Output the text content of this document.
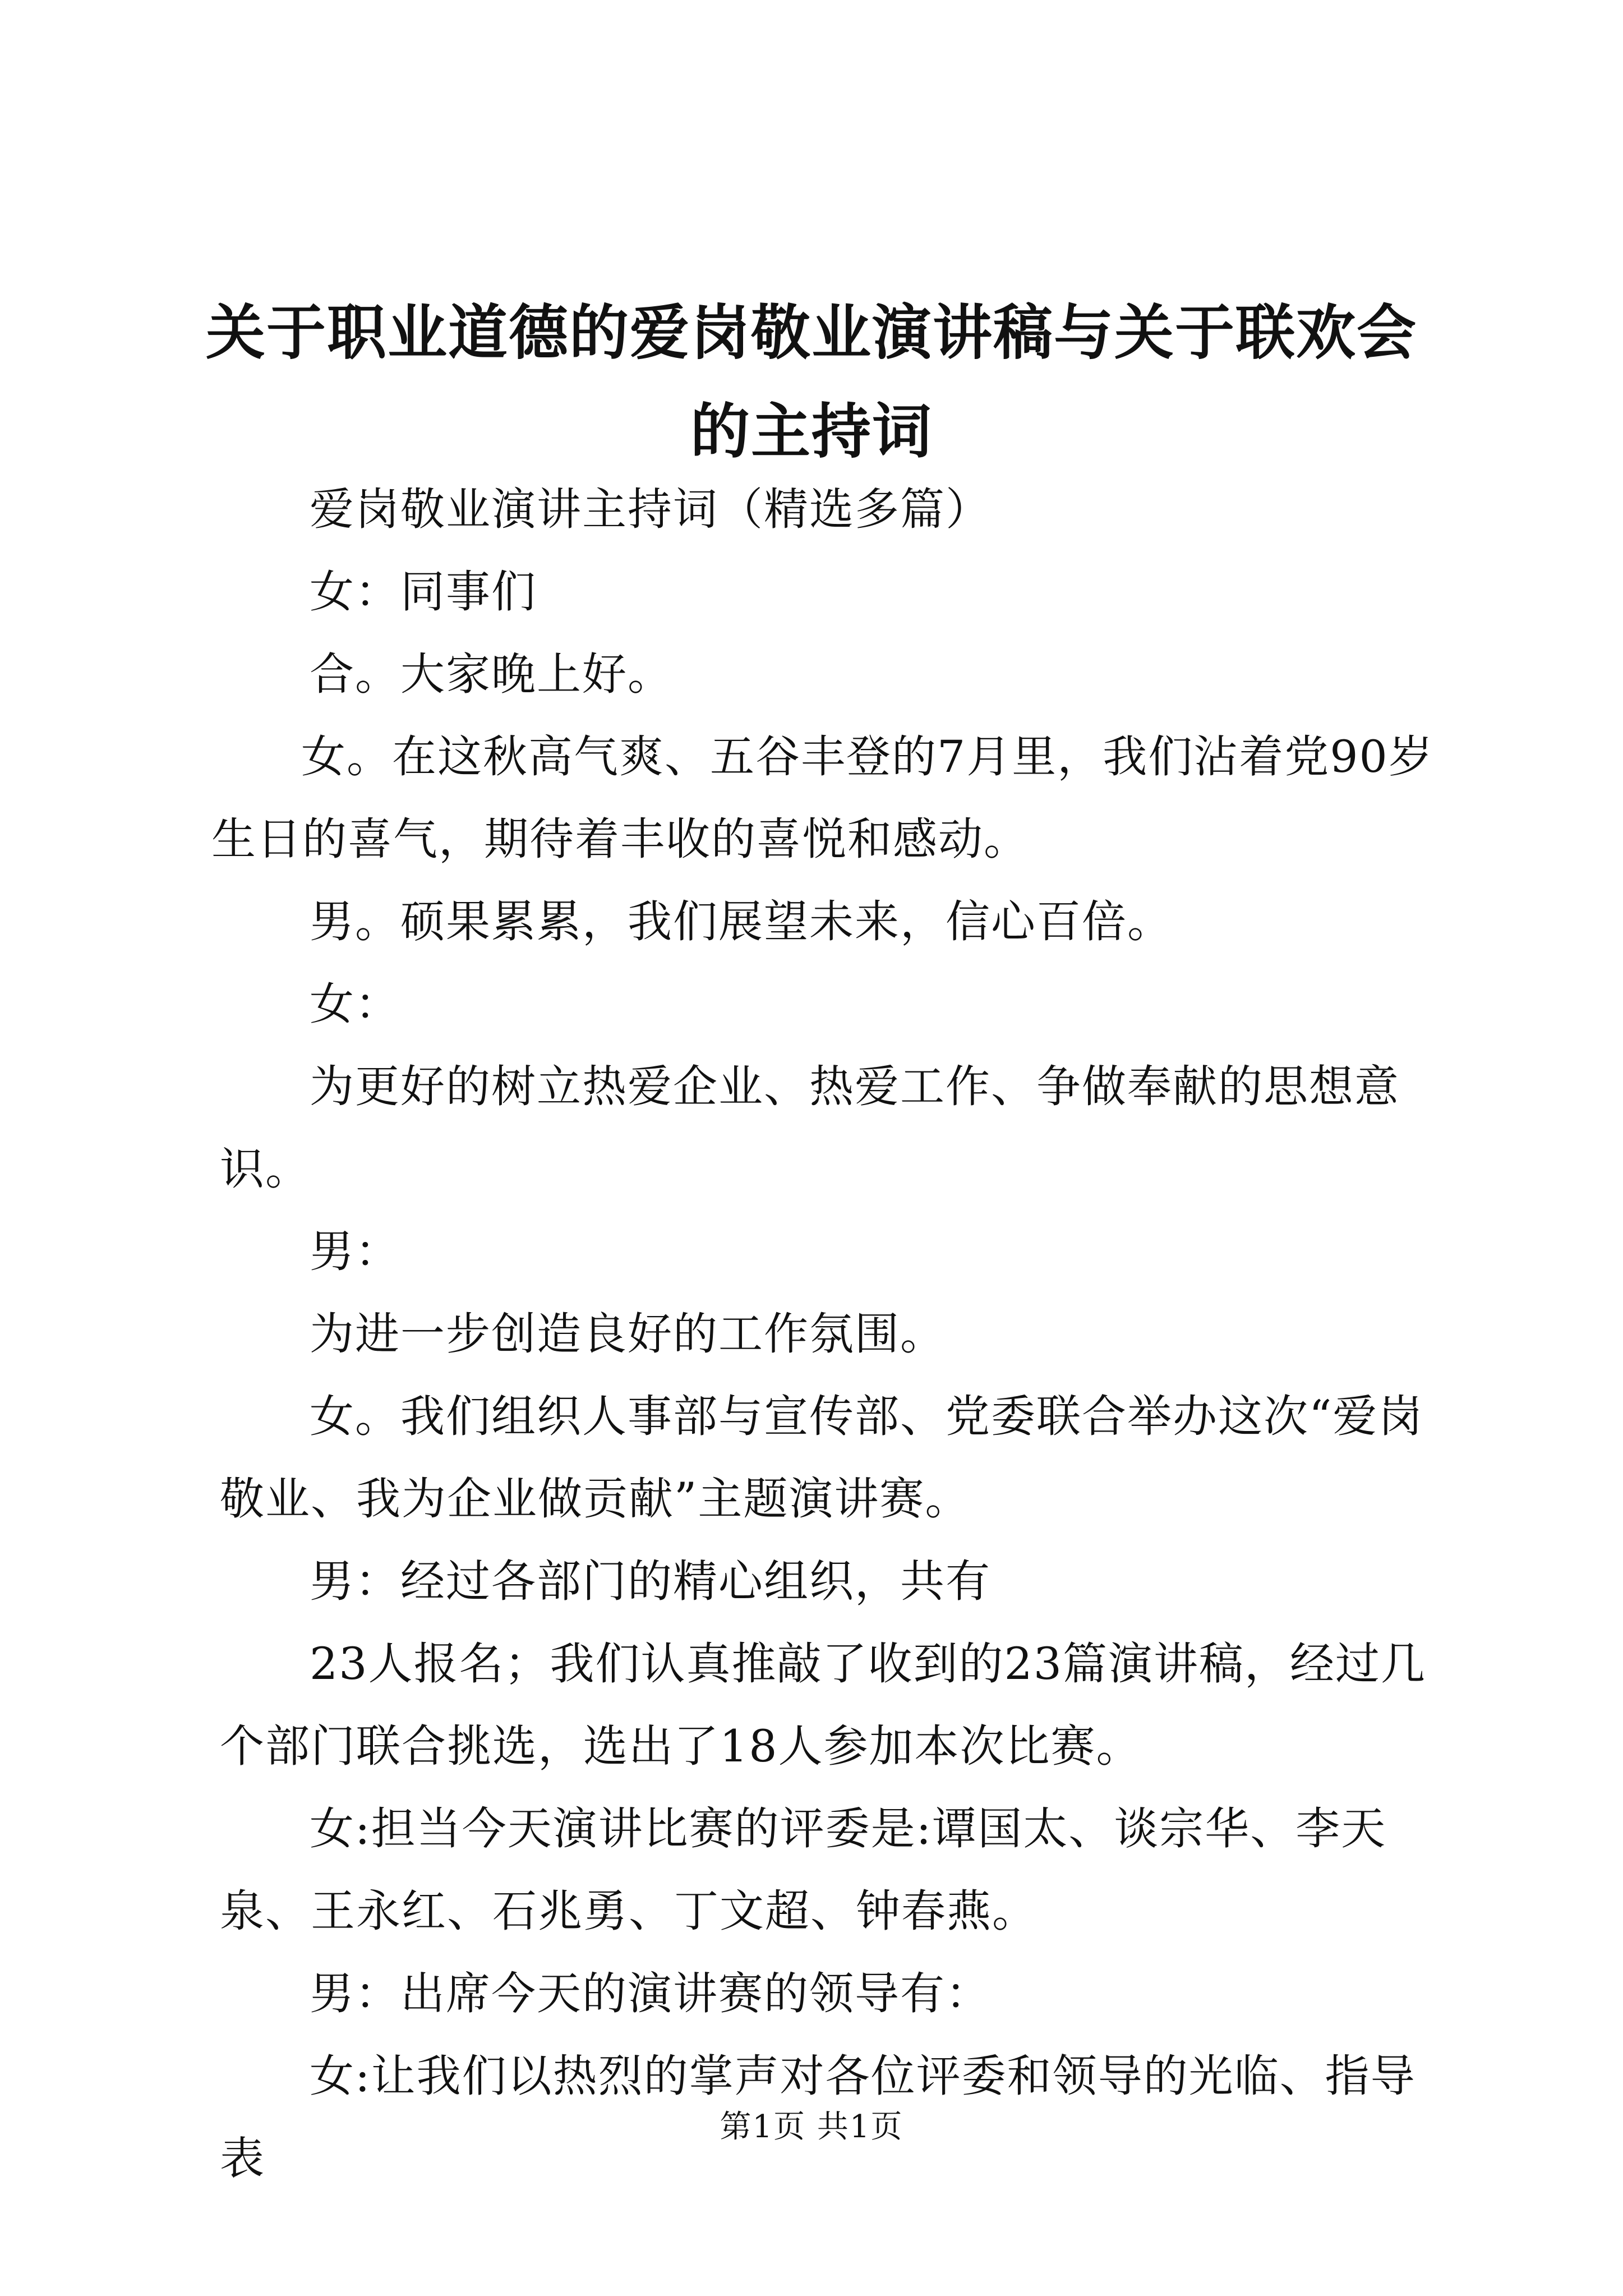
关于职业道德的爱岗敬业演讲稿与关于联欢会
的主持词

爱岗敬业演讲主持词（精选多篇）

女：同事们

合。大家晚上好。

女。在这秋高气爽、五谷丰登的7月里，我们沾着党90岁生日的喜气，期待着丰收的喜悦和感动。

男。硕果累累，我们展望未来，信心百倍。

女：

为更好的树立热爱企业、热爱工作、争做奉献的思想意识。

男：

为进一步创造良好的工作氛围。

女。我们组织人事部与宣传部、党委联合举办这次“爱岗敬业、我为企业做贡献”主题演讲赛。

男：经过各部门的精心组织，共有

23人报名；我们认真推敲了收到的23篇演讲稿，经过几个部门联合挑选，选出了18人参加本次比赛。

女:担当今天演讲比赛的评委是:谭国太、谈宗华、李天泉、王永红、石兆勇、丁文超、钟春燕。

男：出席今天的演讲赛的领导有：

女:让我们以热烈的掌声对各位评委和领导的光临、指导表

第1页 共1页
